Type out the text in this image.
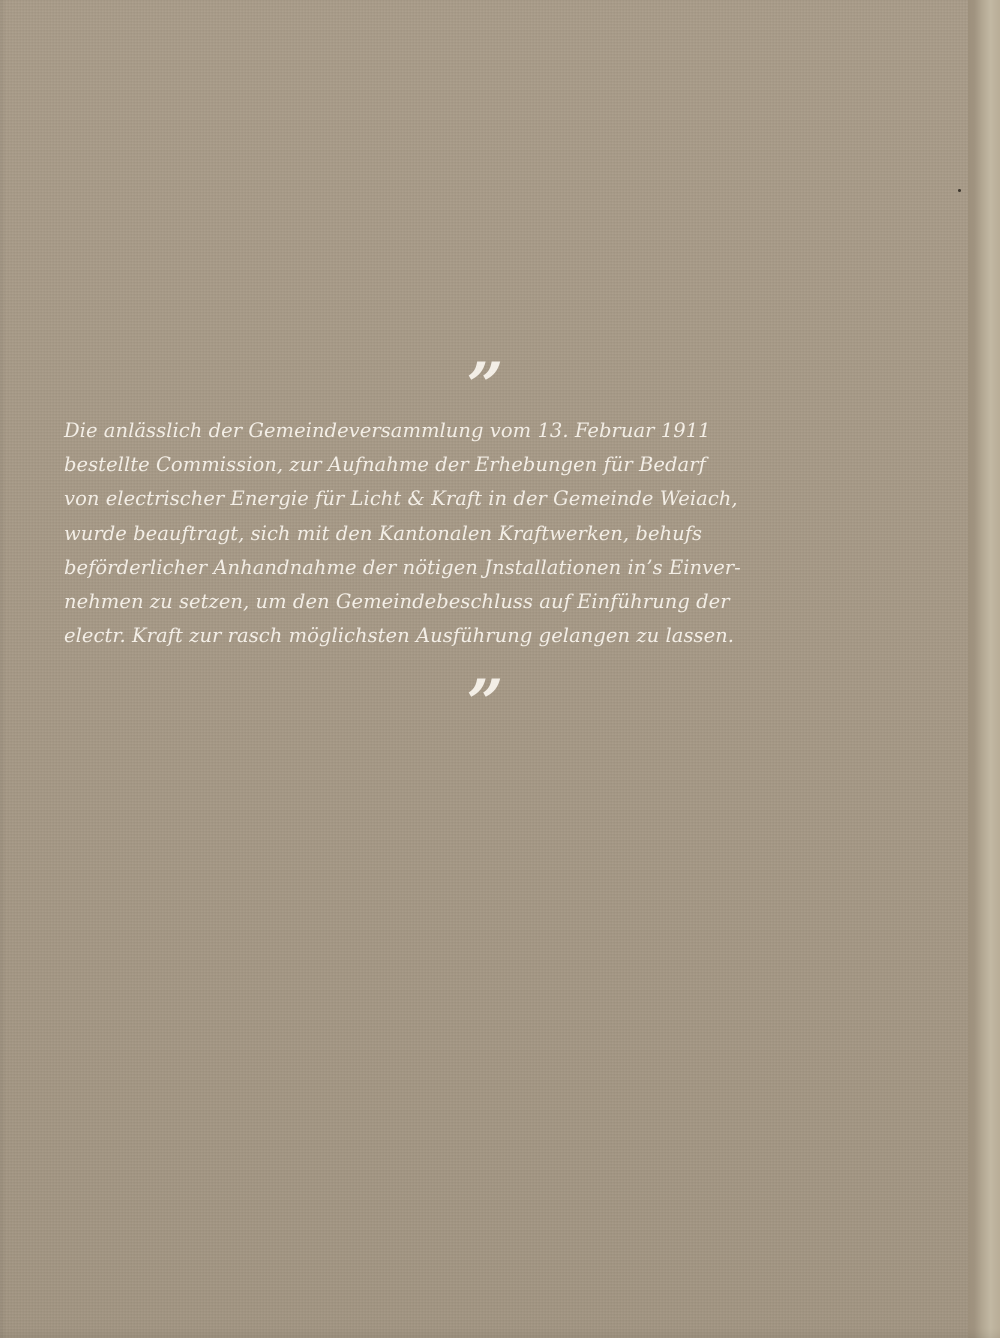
”

Die anlässlich der Gemeindeversammlung vom 13. Februar 1911
bestellte Commission, zur Aufnahme der Erhebungen für Bedarf
von electrischer Energie für Licht & Kraft in der Gemeinde Weiach,
wurde beauftragt, sich mit den Kantonalen Kraftwerken, behufs
beförderlicher Anhandnahme der nötigen Jnstallationen in’s Einver-
nehmen zu setzen, um den Gemeindebeschluss auf Einführung der
electr. Kraft zur rasch möglichsten Ausführung gelangen zu lassen.

”
